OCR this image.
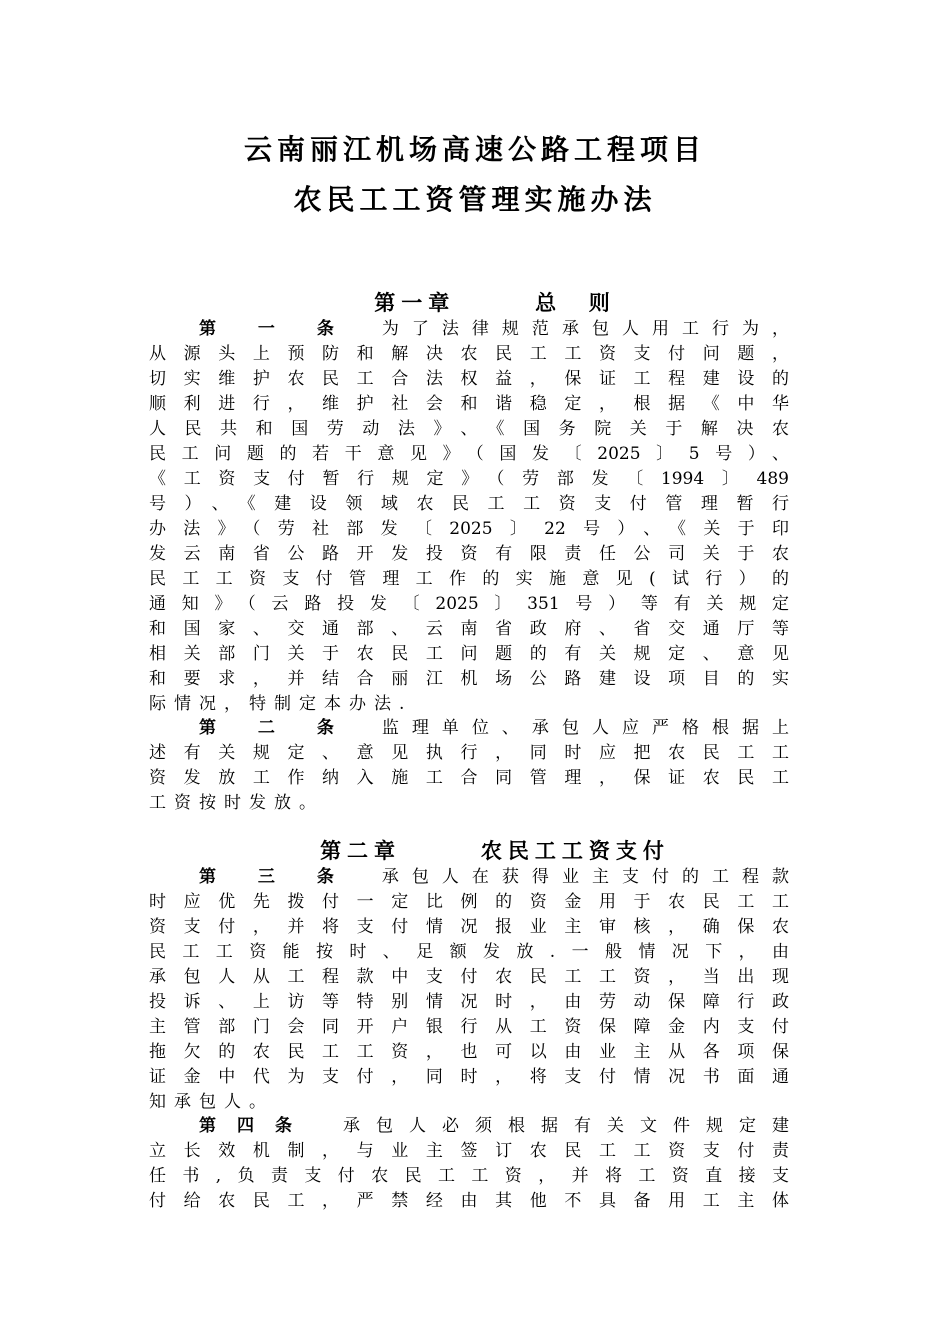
云南丽江机场高速公路工程项目
农民工工资管理实施办法
第一章      总  则
第 一 条 为了法律规范承包人用工行为，
从源头上预防和解决农民工工资支付问题，
切实维护农民工合法权益，保证工程建设的
顺利进行，维护社会和谐稳定，根据《中华
人民共和国劳动法》、《国务院关于解决农
民工问题的若干意见》（国发〔2025〕5号）、
《工资支付暂行规定》（劳部发〔1994〕489
号）、《建设领域农民工工资支付管理暂行
办法》（劳社部发〔2025〕22号）、《关于印
发云南省公路开发投资有限责任公司关于农
民工工资支付管理工作的实施意见(试行）的
通知》（云路投发〔2025〕351号）等有关规定
和国家、交通部、云南省政府、省交通厅等
相关部门关于农民工问题的有关规定、意见
和要求，并结合丽江机场公路建设项目的实
际情况，特制定本办法.
第 二 条 监理单位、承包人应严格根据上
述有关规定、意见执行，同时应把农民工工
资发放工作纳入施工合同管理，保证农民工
工资按时发放。
第二章      农民工工资支付
第 三 条 承包人在获得业主支付的工程款
时应优先拨付一定比例的资金用于农民工工
资支付，并将支付情况报业主审核，确保农
民工工资能按时、足额发放.一般情况下，由
承包人从工程款中支付农民工工资，当出现
投诉、上访等特别情况时，由劳动保障行政
主管部门会同开户银行从工资保障金内支付
拖欠的农民工工资，也可以由业主从各项保
证金中代为支付，同时，将支付情况书面通
知承包人。
第四条 承包人必须根据有关文件规定建
立长效机制，与业主签订农民工工资支付责
任书,负责支付农民工工资，并将工资直接支
付给农民工，严禁经由其他不具备用工主体
